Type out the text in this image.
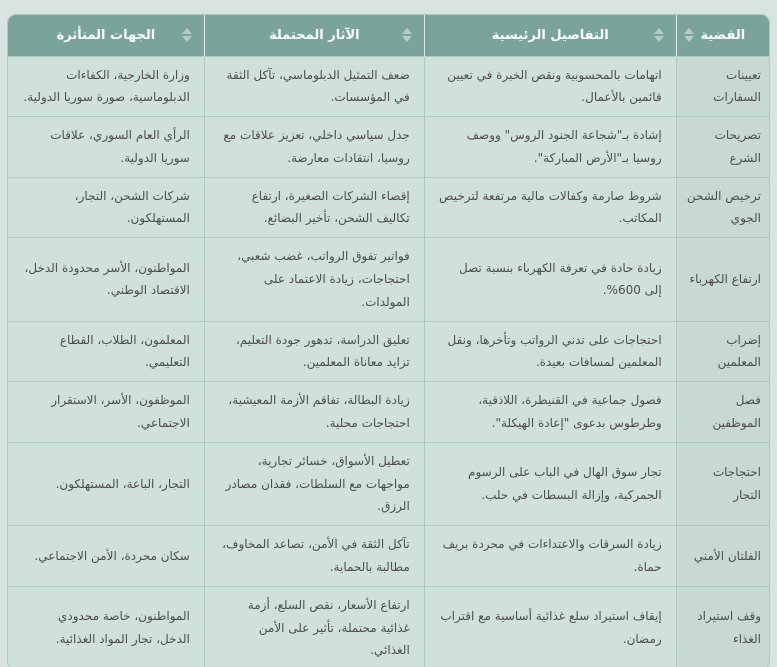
القضية	التفاصيل الرئيسية	الآثار المحتملة	الجهات المتأثرة

تعيينات السفارات	اتهامات بالمحسوبية ونقص الخبرة في تعيين قائمين بالأعمال.	ضعف التمثيل الدبلوماسي، تآكل الثقة في المؤسسات.	وزارة الخارجية، الكفاءات الدبلوماسية، صورة سوريا الدولية.
تصريحات الشرع	إشادة بـ"شجاعة الجنود الروس" ووصف روسيا بـ"الأرض المباركة".	جدل سياسي داخلي، تعزيز علاقات مع روسيا، انتقادات معارضة.	الرأي العام السوري، علاقات سوريا الدولية.
ترخيص الشحن الجوي	شروط صارمة وكفالات مالية مرتفعة لترخيص المكاتب.	إقصاء الشركات الصغيرة، ارتفاع تكاليف الشحن، تأخير البضائع.	شركات الشحن، التجار، المستهلكون.
ارتفاع الكهرباء	زيادة حادة في تعرفة الكهرباء بنسبة تصل إلى 600%.	فواتير تفوق الرواتب، غضب شعبي، احتجاجات، زيادة الاعتماد على المولدات.	المواطنون، الأسر محدودة الدخل، الاقتصاد الوطني.
إضراب المعلمين	احتجاجات على تدني الرواتب وتأخرها، ونقل المعلمين لمسافات بعيدة.	تعليق الدراسة، تدهور جودة التعليم، تزايد معاناة المعلمين.	المعلمون، الطلاب، القطاع التعليمي.
فصل الموظفين	فصول جماعية في القنيطرة، اللاذقية، وطرطوس بدعوى "إعادة الهيكلة".	زيادة البطالة، تفاقم الأزمة المعيشية، احتجاجات محلية.	الموظفون، الأسر، الاستقرار الاجتماعي.
احتجاجات التجار	تجار سوق الهال في الباب على الرسوم الجمركية، وإزالة البسطات في حلب.	تعطيل الأسواق، خسائر تجارية، مواجهات مع السلطات، فقدان مصادر الرزق.	التجار، الباعة، المستهلكون.
الفلتان الأمني	زيادة السرقات والاعتداءات في محردة بريف حماة.	تآكل الثقة في الأمن، تصاعد المخاوف، مطالبة بالحماية.	سكان محردة، الأمن الاجتماعي.
وقف استيراد الغذاء	إيقاف استيراد سلع غذائية أساسية مع اقتراب رمضان.	ارتفاع الأسعار، نقص السلع، أزمة غذائية محتملة، تأثير على الأمن الغذائي.	المواطنون، خاصة محدودي الدخل، تجار المواد الغذائية.
